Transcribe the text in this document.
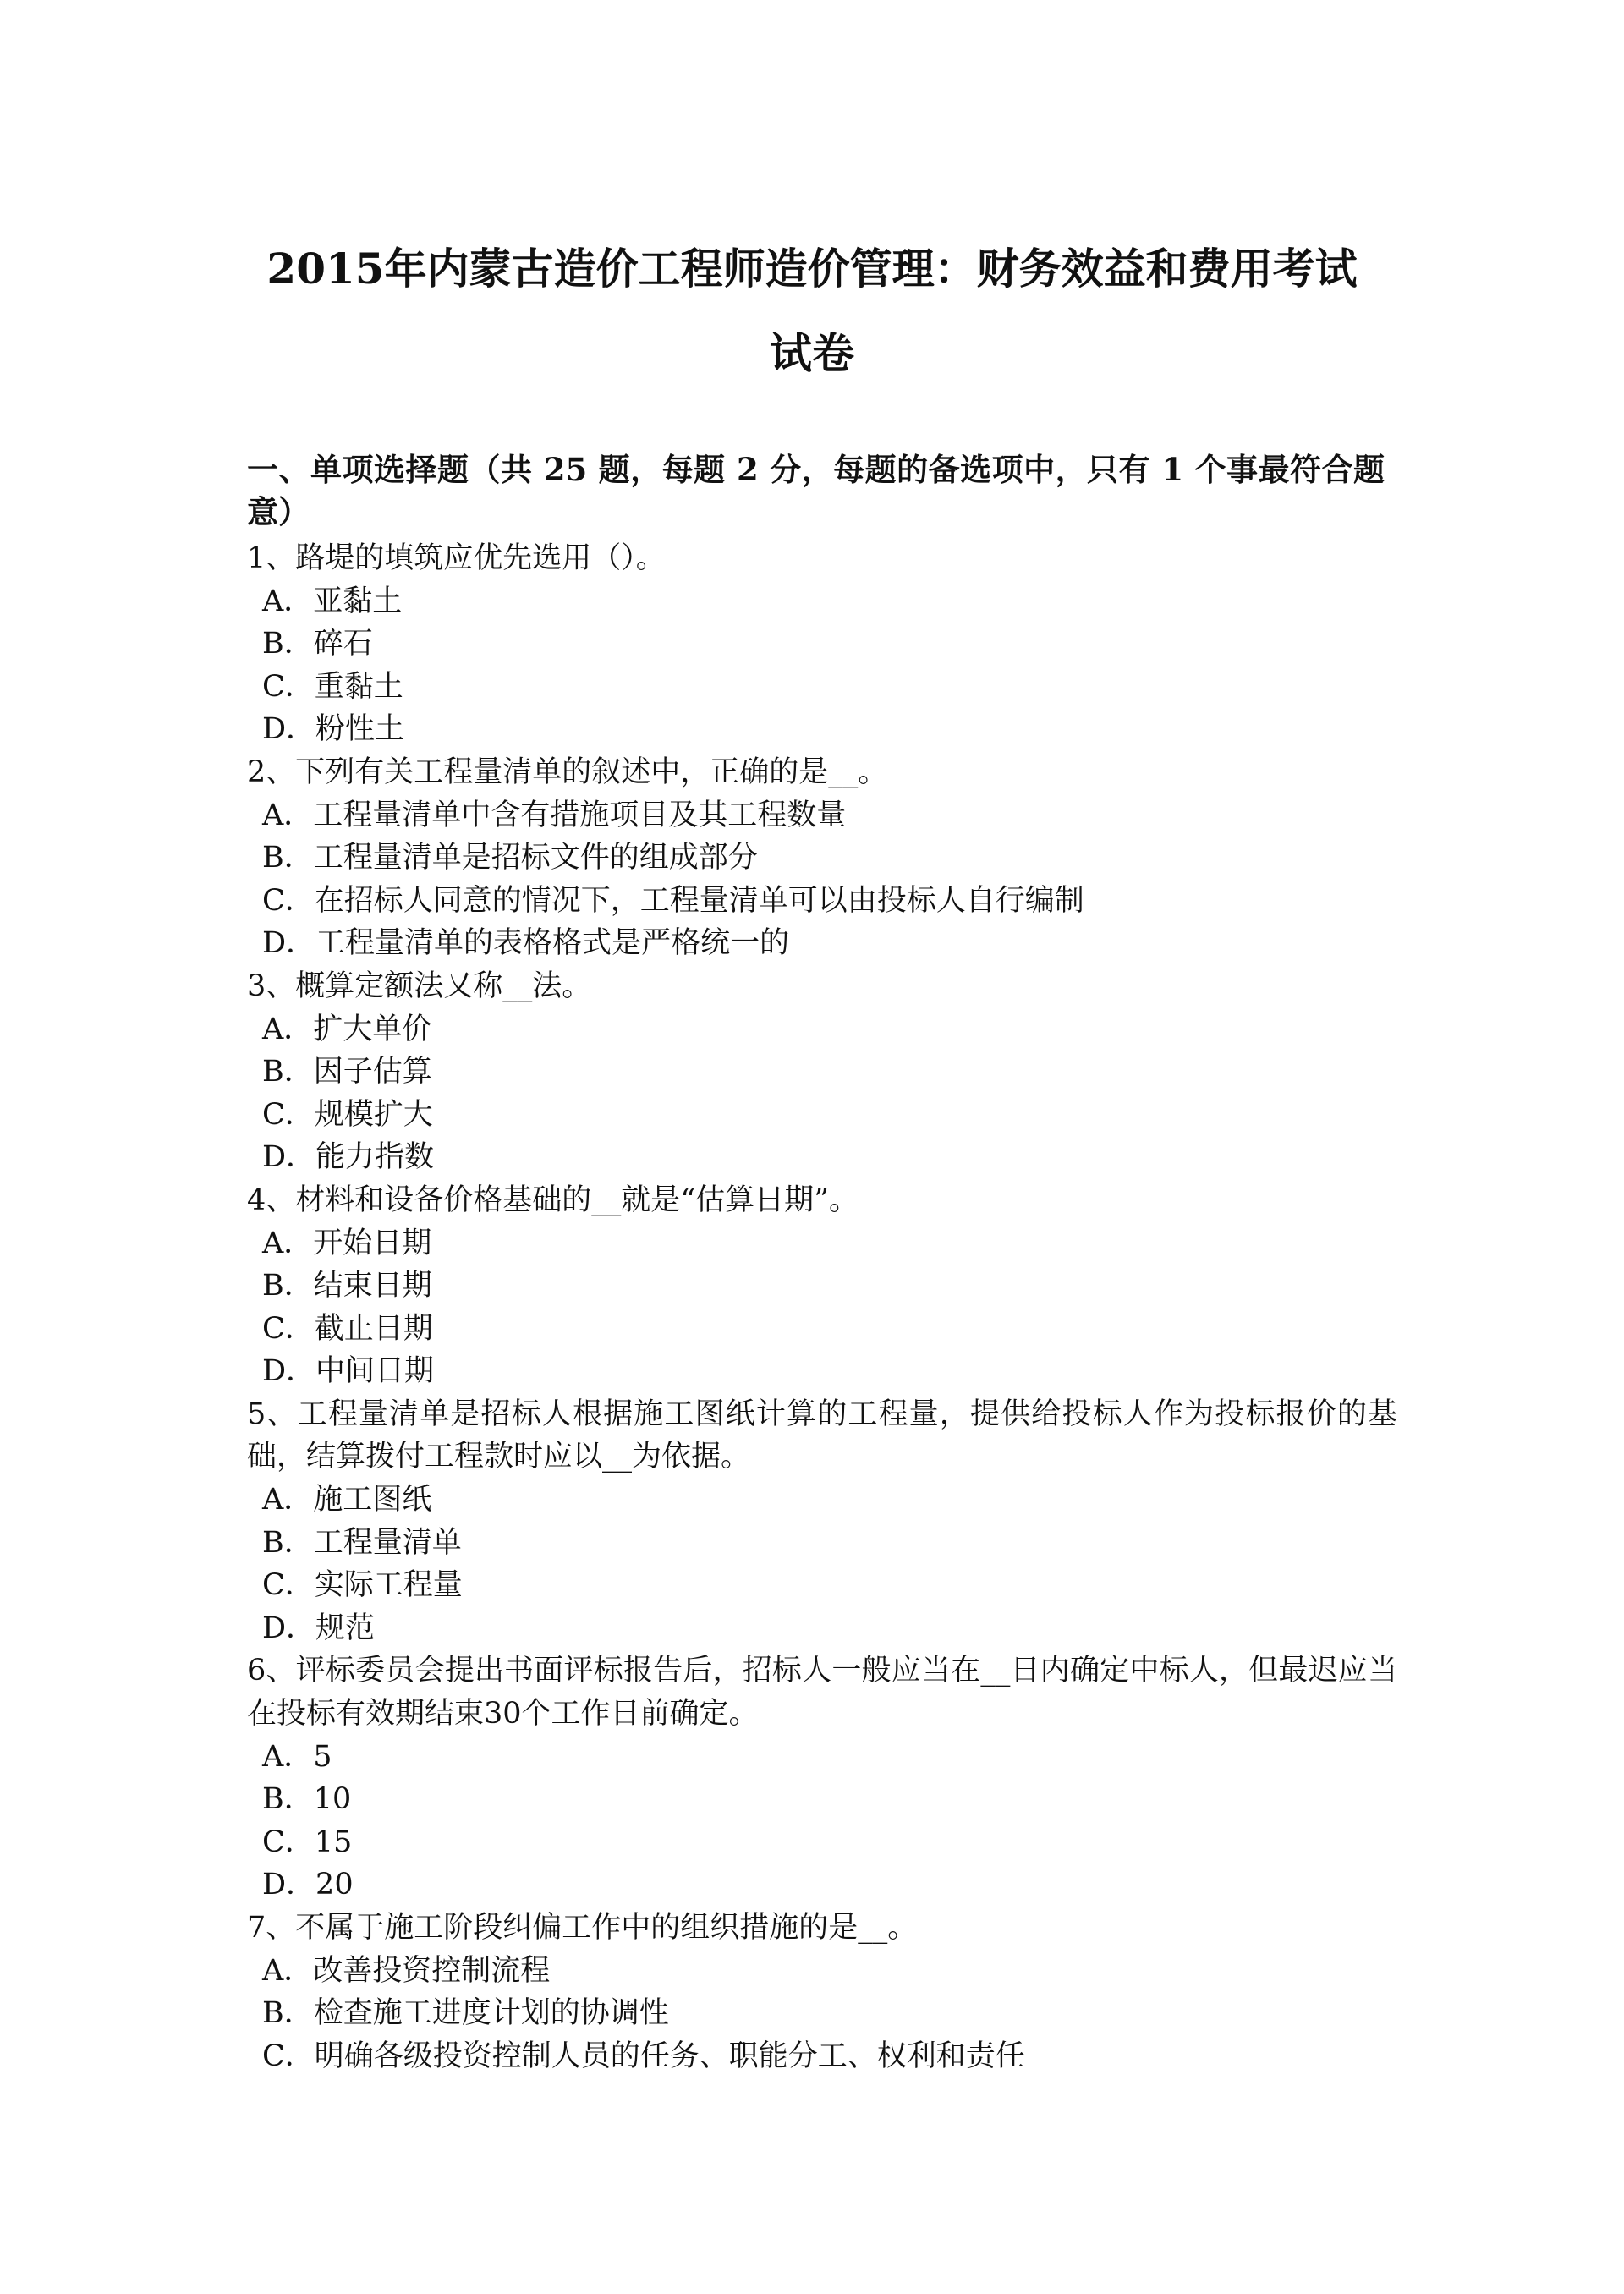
2015年内蒙古造价工程师造价管理：财务效益和费用考试
试卷
一、单项选择题（共 25 题，每题 2 分，每题的备选项中，只有 1 个事最符合题意）
1、路堤的填筑应优先选用（）。
A．亚黏土
B．碎石
C．重黏土
D．粉性土
2、下列有关工程量清单的叙述中，正确的是__。
A．工程量清单中含有措施项目及其工程数量
B．工程量清单是招标文件的组成部分
C．在招标人同意的情况下，工程量清单可以由投标人自行编制
D．工程量清单的表格格式是严格统一的
3、概算定额法又称__法。
A．扩大单价
B．因子估算
C．规模扩大
D．能力指数
4、材料和设备价格基础的__就是“估算日期”。
A．开始日期
B．结束日期
C．截止日期
D．中间日期
5、工程量清单是招标人根据施工图纸计算的工程量，提供给投标人作为投标报价的基础，结算拨付工程款时应以__为依据。
A．施工图纸
B．工程量清单
C．实际工程量
D．规范
6、评标委员会提出书面评标报告后，招标人一般应当在__日内确定中标人，但最迟应当在投标有效期结束30个工作日前确定。
A．5
B．10
C．15
D．20
7、不属于施工阶段纠偏工作中的组织措施的是__。
A．改善投资控制流程
B．检查施工进度计划的协调性
C．明确各级投资控制人员的任务、职能分工、权利和责任
